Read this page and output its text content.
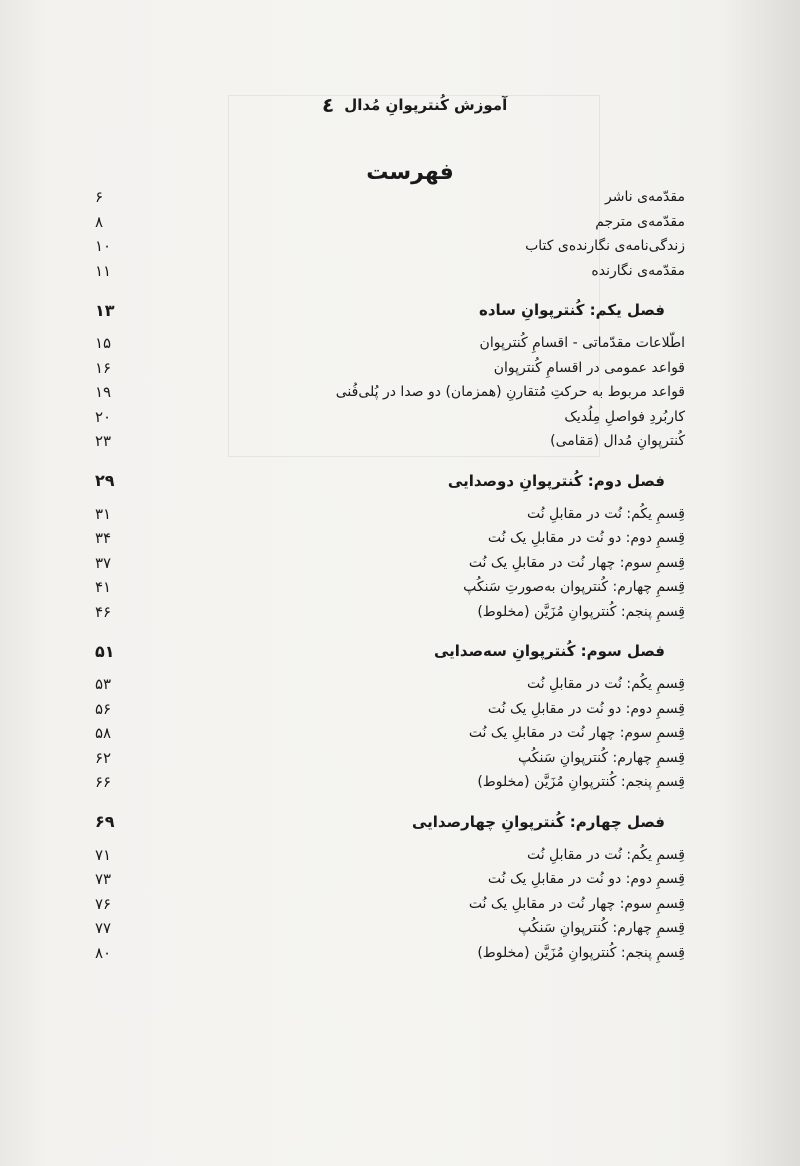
٤ آموزش کُنترپوانِ مُدال
فهرست
مقدّمه‌ی ناشر
۶
مقدّمه‌ی مترجم
۸
زندگی‌نامه‌ی نگارنده‌ی کتاب
۱۰
مقدّمه‌ی نگارنده
۱۱
فصل یکم: کُنترپوانِ ساده
۱۳
اطّلاعات مقدّماتی - اقسامِ کُنترپوان
۱۵
قواعد عمومی در اقسامِ کُنترپوان
۱۶
قواعد مربوط به حرکتِ مُتقارنِ (همزمان) دو صدا در پُلی‌فُنی
۱۹
کاربُردِ فواصلِ مِلُدیک
۲۰
کُنترپوانِ مُدال (مَقامی)
۲۳
فصل دوم: کُنترپوانِ دوصدایی
۲۹
قِسمِ یکُم: نُت در مقابلِ نُت
۳۱
قِسمِ دوم: دو نُت در مقابلِ یک نُت
۳۴
قِسمِ سوم: چهار نُت در مقابلِ یک نُت
۳۷
قِسمِ چهارم: کُنترپوان به‌صورتِ سَنکُپ
۴۱
قِسمِ پنجم: کُنترپوانِ مُزَیَّن (مخلوط)
۴۶
فصل سوم: کُنترپوانِ سه‌صدایی
۵۱
قِسمِ یکُم: نُت در مقابلِ نُت
۵۳
قِسمِ دوم: دو نُت در مقابلِ یک نُت
۵۶
قِسمِ سوم: چهار نُت در مقابلِ یک نُت
۵۸
قِسمِ چهارم: کُنترپوانِ سَنکُپ
۶۲
قِسمِ پنجم: کُنترپوانِ مُزَیَّن (مخلوط)
۶۶
فصل چهارم: کُنترپوانِ چهارصدایی
۶۹
قِسمِ یکُم: نُت در مقابلِ نُت
۷۱
قِسمِ دوم: دو نُت در مقابلِ یک نُت
۷۳
قِسمِ سوم: چهار نُت در مقابلِ یک نُت
۷۶
قِسمِ چهارم: کُنترپوانِ سَنکُپ
۷۷
قِسمِ پنجم: کُنترپوانِ مُزَیَّن (مخلوط)
۸۰
